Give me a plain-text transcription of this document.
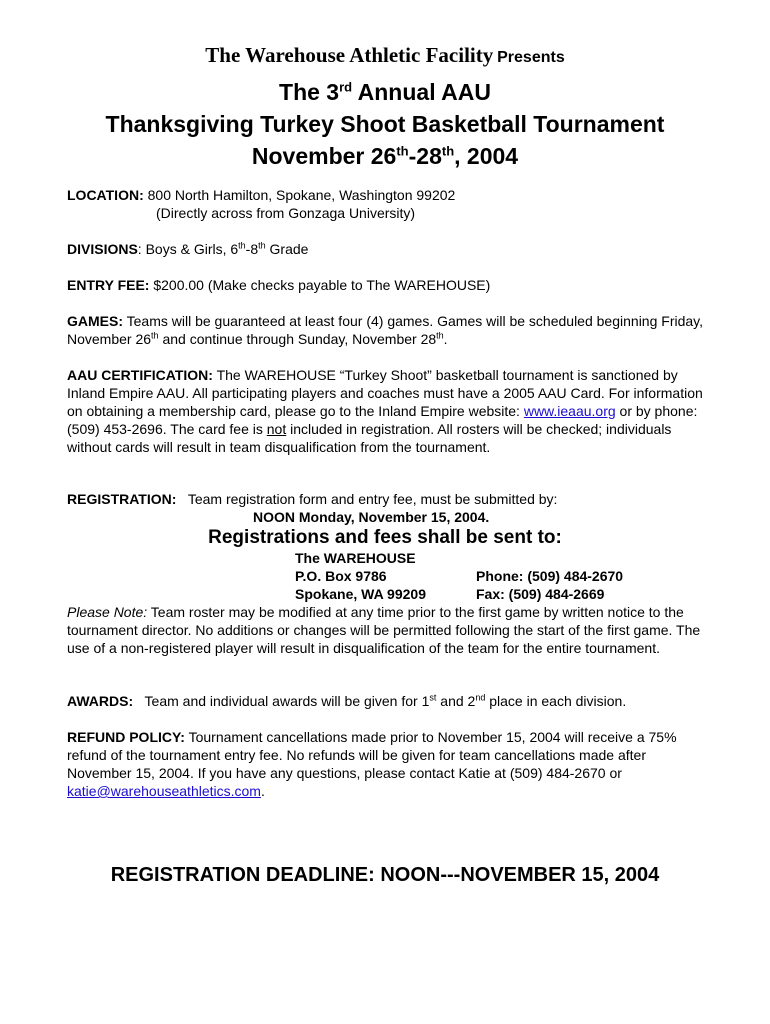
The Warehouse Athletic Facility Presents
The 3rd Annual AAU
Thanksgiving Turkey Shoot Basketball Tournament
November 26th-28th, 2004
LOCATION: 800 North Hamilton, Spokane, Washington 99202
(Directly across from Gonzaga University)
DIVISIONS: Boys & Girls, 6th-8th Grade
ENTRY FEE: $200.00 (Make checks payable to The WAREHOUSE)
GAMES: Teams will be guaranteed at least four (4) games. Games will be scheduled beginning Friday, November 26th and continue through Sunday, November 28th.
AAU CERTIFICATION: The WAREHOUSE “Turkey Shoot” basketball tournament is sanctioned by Inland Empire AAU. All participating players and coaches must have a 2005 AAU Card. For information on obtaining a membership card, please go to the Inland Empire website: www.ieaau.org or by phone:(509) 453-2696. The card fee is not included in registration. All rosters will be checked; individuals without cards will result in team disqualification from the tournament.
REGISTRATION: Team registration form and entry fee, must be submitted by:
NOON Monday, November 15, 2004.
Registrations and fees shall be sent to:
The WAREHOUSE
P.O. Box 9786	Phone: (509) 484-2670
Spokane, WA 99209	Fax: (509) 484-2669
Please Note: Team roster may be modified at any time prior to the first game by written notice to the tournament director. No additions or changes will be permitted following the start of the first game. The use of a non-registered player will result in disqualification of the team for the entire tournament.
AWARDS:   Team and individual awards will be given for 1st and 2nd place in each division.
REFUND POLICY: Tournament cancellations made prior to November 15, 2004 will receive a 75% refund of the tournament entry fee. No refunds will be given for team cancellations made after November 15, 2004. If you have any questions, please contact Katie at (509) 484-2670 or katie@warehouseathletics.com.
REGISTRATION DEADLINE: NOON---NOVEMBER 15, 2004
